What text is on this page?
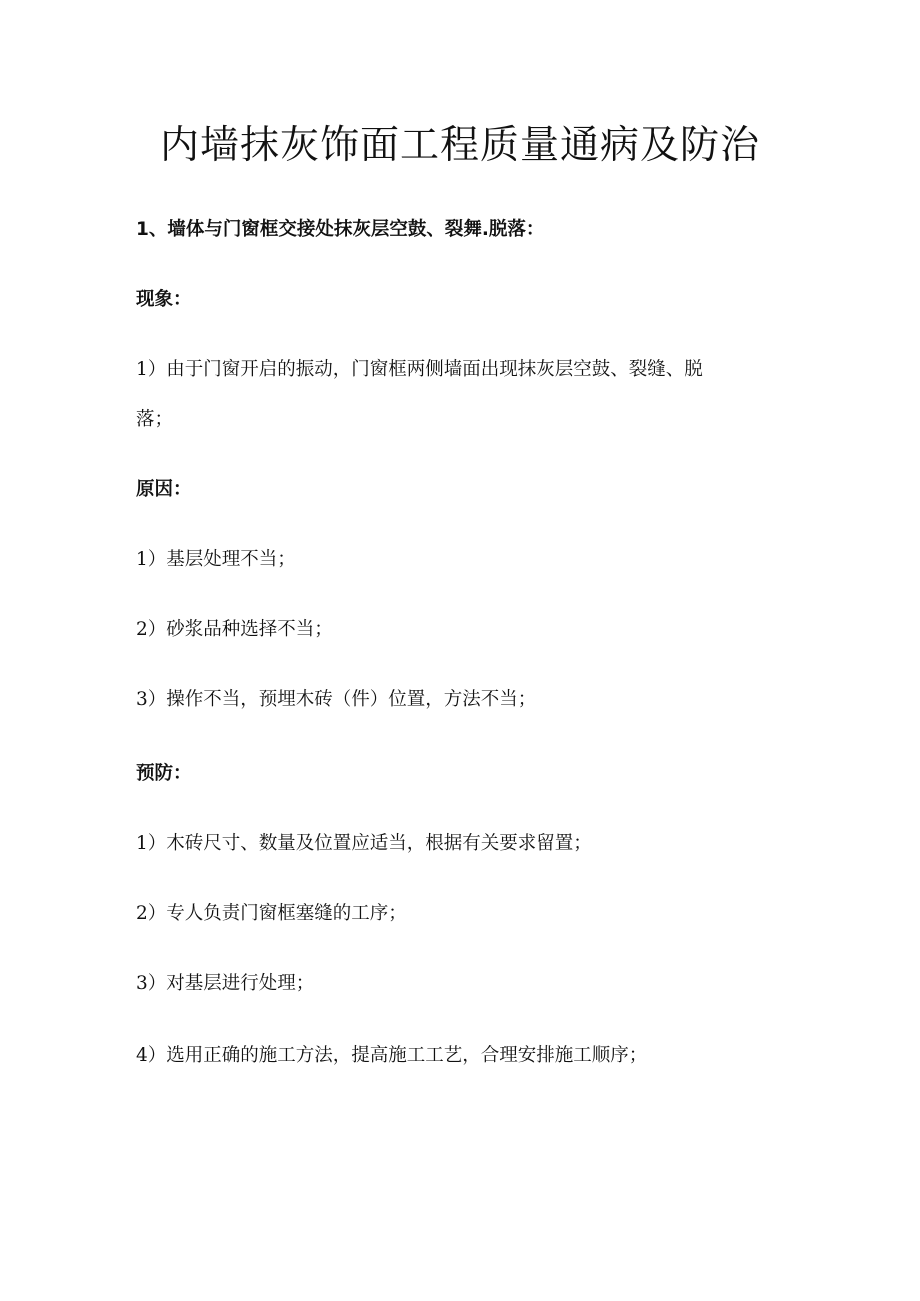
内墙抹灰饰面工程质量通病及防治
1、墙体与门窗框交接处抹灰层空鼓、裂舞.脱落：
现象：
1）由于门窗开启的振动，门窗框两侧墙面出现抹灰层空鼓、裂缝、脱
落；
原因：
1）基层处理不当；
2）砂浆品种选择不当；
3）操作不当，预埋木砖（件）位置，方法不当；
预防：
1）木砖尺寸、数量及位置应适当，根据有关要求留置；
2）专人负责门窗框塞缝的工序；
3）对基层进行处理；
4）选用正确的施工方法，提高施工工艺，合理安排施工顺序；
